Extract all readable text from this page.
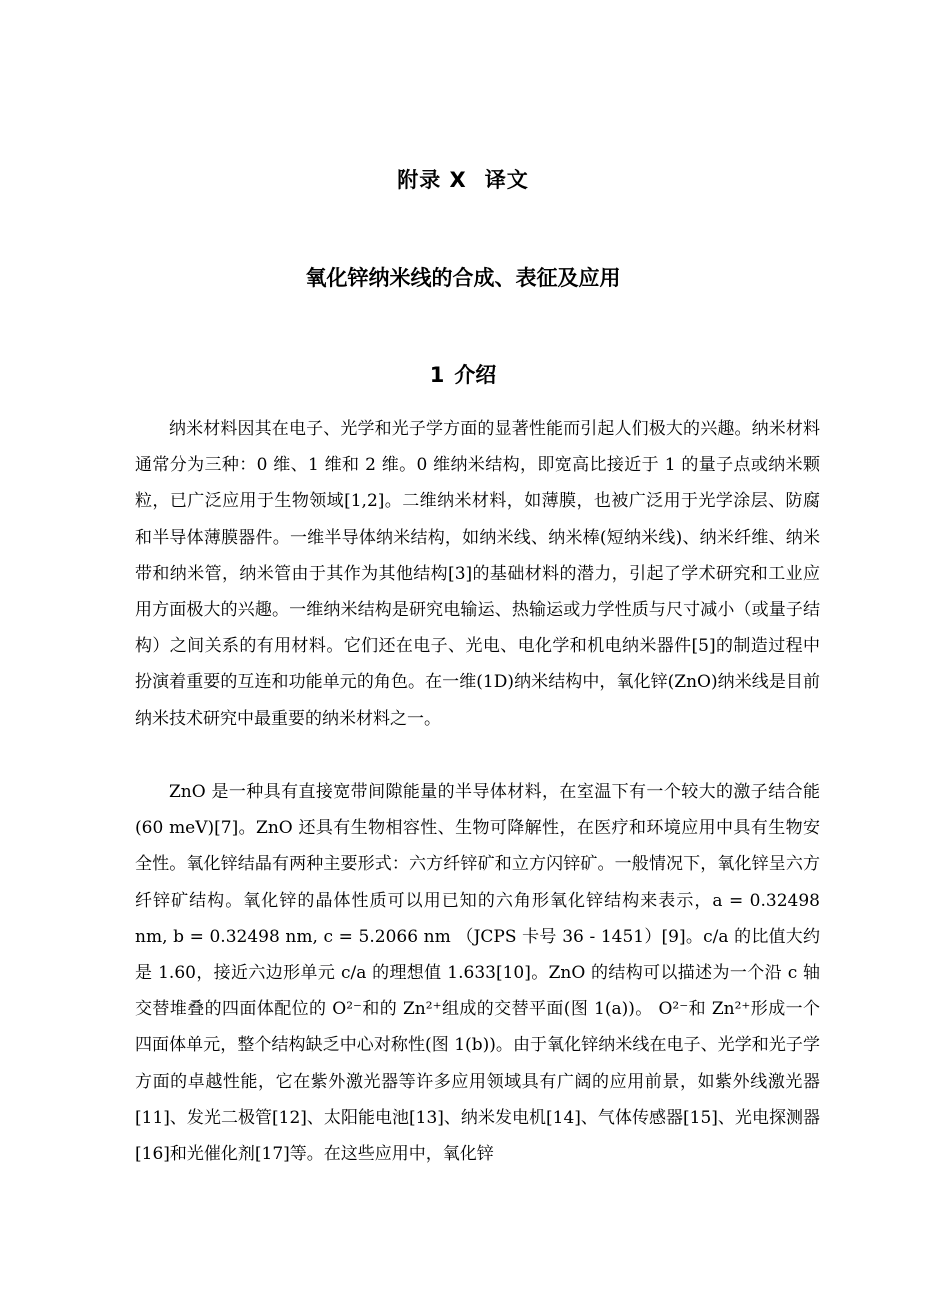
附录 X 译文
氧化锌纳米线的合成、表征及应用
1 介绍

纳米材料因其在电子、光学和光子学方面的显著性能而引起人们极大的兴趣。纳米材料通常分为三种：0 维、1 维和 2 维。0 维纳米结构，即宽高比接近于 1 的量子点或纳米颗粒，已广泛应用于生物领域[1,2]。二维纳米材料，如薄膜，也被广泛用于光学涂层、防腐和半导体薄膜器件。一维半导体纳米结构，如纳米线、纳米棒(短纳米线)、纳米纤维、纳米带和纳米管，纳米管由于其作为其他结构[3]的基础材料的潜力，引起了学术研究和工业应用方面极大的兴趣。一维纳米结构是研究电输运、热输运或力学性质与尺寸减小（或量子结构）之间关系的有用材料。它们还在电子、光电、电化学和机电纳米器件[5]的制造过程中扮演着重要的互连和功能单元的角色。在一维(1D)纳米结构中，氧化锌(ZnO)纳米线是目前纳米技术研究中最重要的纳米材料之一。

ZnO 是一种具有直接宽带间隙能量的半导体材料，在室温下有一个较大的激子结合能(60 meV)[7]。ZnO 还具有生物相容性、生物可降解性，在医疗和环境应用中具有生物安全性。氧化锌结晶有两种主要形式：六方纤锌矿和立方闪锌矿。一般情况下，氧化锌呈六方纤锌矿结构。氧化锌的晶体性质可以用已知的六角形氧化锌结构来表示，a = 0.32498 nm, b = 0.32498 nm, c = 5.2066 nm （JCPS 卡号 36 - 1451）[9]。c/a 的比值大约是 1.60，接近六边形单元 c/a 的理想值 1.633[10]。ZnO 的结构可以描述为一个沿 c 轴交替堆叠的四面体配位的 O²⁻和的 Zn²⁺组成的交替平面(图 1(a))。 O²⁻和 Zn²⁺形成一个四面体单元，整个结构缺乏中心对称性(图 1(b))。由于氧化锌纳米线在电子、光学和光子学方面的卓越性能，它在紫外激光器等许多应用领域具有广阔的应用前景，如紫外线激光器[11]、发光二极管[12]、太阳能电池[13]、纳米发电机[14]、气体传感器[15]、光电探测器[16]和光催化剂[17]等。在这些应用中，氧化锌
